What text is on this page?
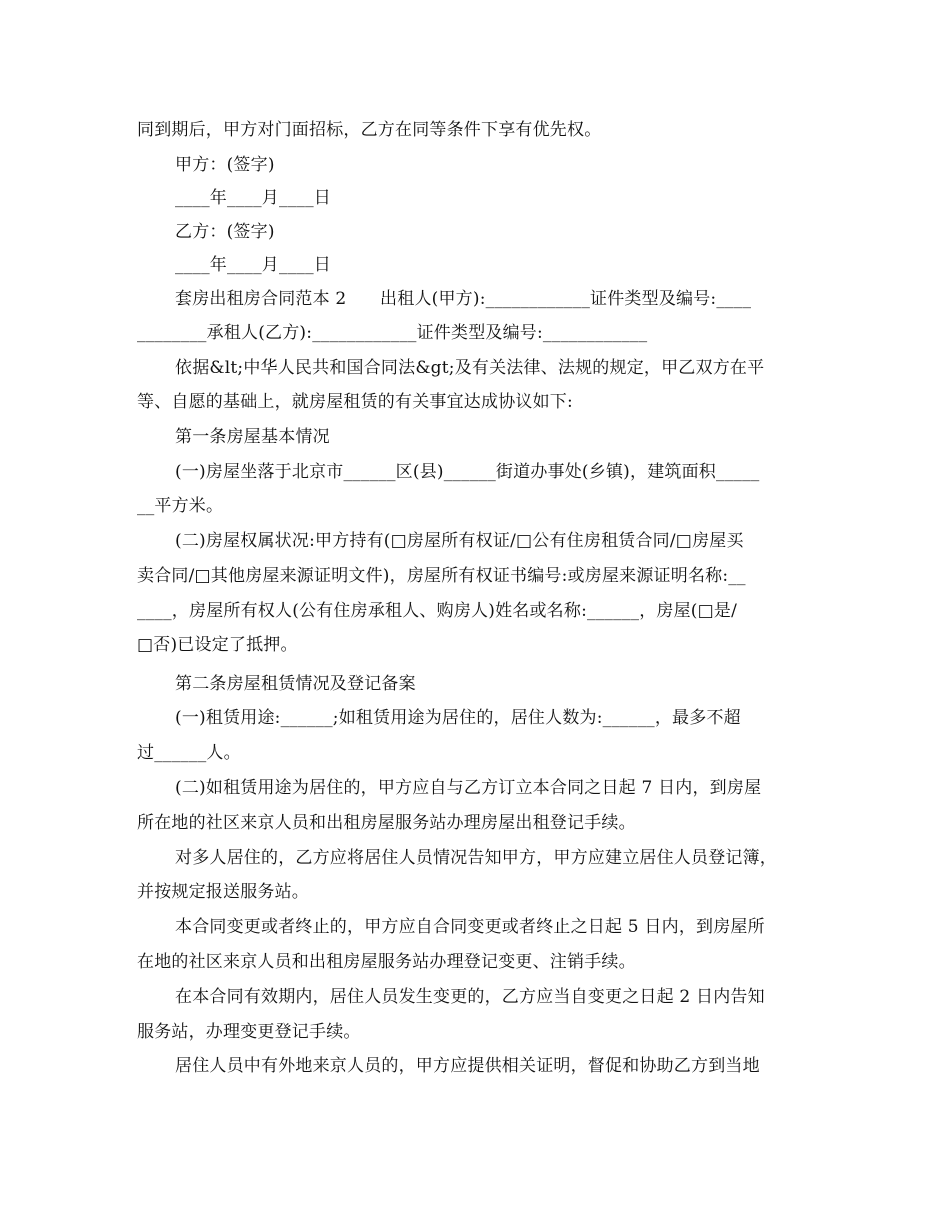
同到期后，甲方对门面招标，乙方在同等条件下享有优先权。
甲方：(签字)
____年____月____日
乙方：(签字)
____年____月____日
套房出租房合同范本 2      出租人(甲方):____________证件类型及编号:____
________承租人(乙方):____________证件类型及编号:____________
依据&lt;中华人民共和国合同法&gt;及有关法律、法规的规定，甲乙双方在平
等、自愿的基础上，就房屋租赁的有关事宜达成协议如下:
第一条房屋基本情况
(一)房屋坐落于北京市______区(县)______街道办事处(乡镇)，建筑面积_____
__平方米。
(二)房屋权属状况:甲方持有(□房屋所有权证/□公有住房租赁合同/□房屋买
卖合同/□其他房屋来源证明文件)，房屋所有权证书编号:或房屋来源证明名称:__
____，房屋所有权人(公有住房承租人、购房人)姓名或名称:______，房屋(□是/
□否)已设定了抵押。
第二条房屋租赁情况及登记备案
(一)租赁用途:______;如租赁用途为居住的，居住人数为:______，最多不超
过______人。
(二)如租赁用途为居住的，甲方应自与乙方订立本合同之日起 7 日内，到房屋
所在地的社区来京人员和出租房屋服务站办理房屋出租登记手续。
对多人居住的，乙方应将居住人员情况告知甲方，甲方应建立居住人员登记簿，
并按规定报送服务站。
本合同变更或者终止的，甲方应自合同变更或者终止之日起 5 日内，到房屋所
在地的社区来京人员和出租房屋服务站办理登记变更、注销手续。
在本合同有效期内，居住人员发生变更的，乙方应当自变更之日起 2 日内告知
服务站，办理变更登记手续。
居住人员中有外地来京人员的，甲方应提供相关证明，督促和协助乙方到当地
